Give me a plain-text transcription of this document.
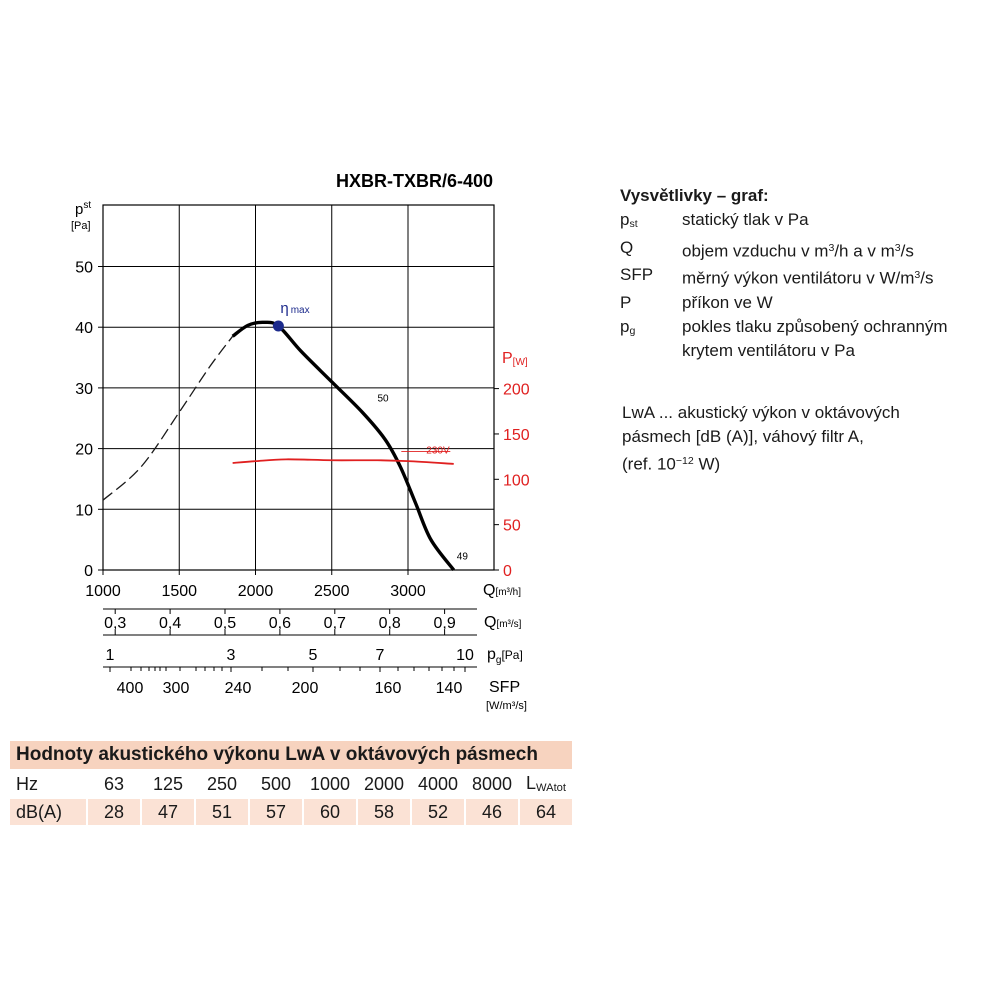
HXBR-TXBR/6-400
$p^{st}$
[Pa]
0
10
20
30
40
50
P[W]
0
50
100
150
200
1000	1500	2000	2500	3000	Q[m³/h]
0,3 0,4 0,5 0,6 0,7 0,8 0,9 Q[m³/s]
1	3	5	7	10 $p_g[Pa]$
400 300 240	200	160 140 SFP
[W/m³/s]
ηmax
50
49
230V
Vysvětlivky – graf:
$p_{st}$	statický tlak v Pa
Q	objem vzduchu v $m^3/h$ a v $m^3/s$
SFP	měrný výkon ventilátoru v $W/m^3/s$
P	příkon ve W
$p_g$	pokles tlaku způsobený ochranným krytem ventilátoru v Pa
LwA ... akustický výkon v oktávových
pásmech [dB (A)], váhový filtr A,
(ref. $10^{-12}$ W)
Hodnoty akustického výkonu LwA v oktávových pásmech									
Hz	63	125	250	500	1000	2000	4000	8000	$L_{WAtot}$
dB(A)	28	47	51	57	60	58	52	46	64
